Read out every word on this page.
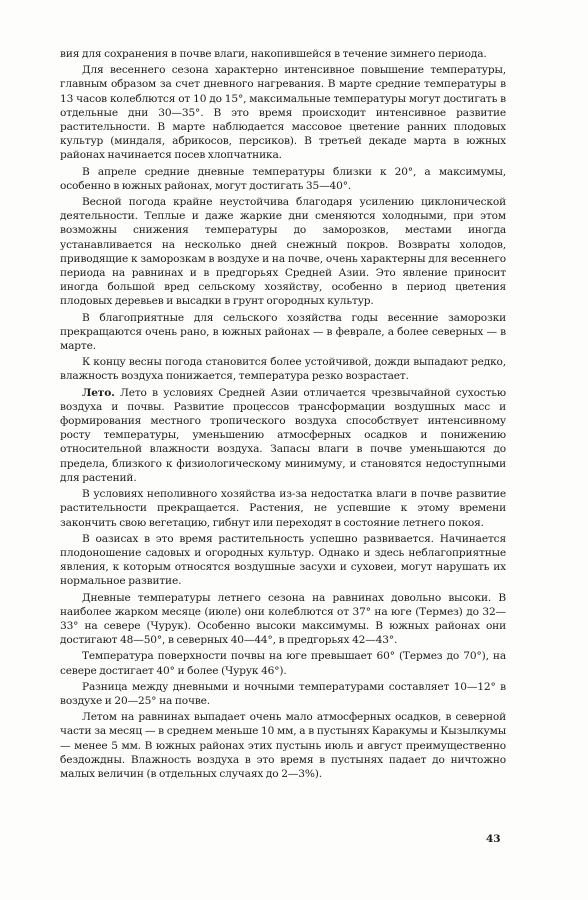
вия для сохранения в почве влаги, накопившейся в течение зимнего периода.

Для весеннего сезона характерно интенсивное повышение температуры, главным образом за счет дневного нагревания. В марте средние температуры в 13 часов колеблются от 10 до 15°, максимальные температуры могут достигать в отдельные дни 30—35°. В это время происходит интенсивное развитие растительности. В марте наблюдается массовое цветение ранних плодовых культур (миндаля, абрикосов, персиков). В третьей декаде марта в южных районах начинается посев хлопчатника.

В апреле средние дневные температуры близки к 20°, а максимумы, особенно в южных районах, могут достигать 35—40°.

Весной погода крайне неустойчива благодаря усилению циклонической деятельности. Теплые и даже жаркие дни сменяются холодными, при этом возможны снижения температуры до заморозков, местами иногда устанавливается на несколько дней снежный покров. Возвраты холодов, приводящие к заморозкам в воздухе и на почве, очень характерны для весеннего периода на равнинах и в предгорьях Средней Азии. Это явление приносит иногда большой вред сельскому хозяйству, особенно в период цветения плодовых деревьев и высадки в грунт огородных культур.

В благоприятные для сельского хозяйства годы весенние заморозки прекращаются очень рано, в южных районах — в феврале, а более северных — в марте.

К концу весны погода становится более устойчивой, дожди выпадают редко, влажность воздуха понижается, температура резко возрастает.

Лето. Лето в условиях Средней Азии отличается чрезвычайной сухостью воздуха и почвы. Развитие процессов трансформации воздушных масс и формирования местного тропического воздуха способствует интенсивному росту температуры, уменьшению атмосферных осадков и понижению относительной влажности воздуха. Запасы влаги в почве уменьшаются до предела, близкого к физиологическому минимуму, и становятся недоступными для растений.

В условиях неполивного хозяйства из-за недостатка влаги в почве развитие растительности прекращается. Растения, не успевшие к этому времени закончить свою вегетацию, гибнут или переходят в состояние летнего покоя.

В оазисах в это время растительность успешно развивается. Начинается плодоношение садовых и огородных культур. Однако и здесь неблагоприятные явления, к которым относятся воздушные засухи и суховеи, могут нарушать их нормальное развитие.

Дневные температуры летнего сезона на равнинах довольно высоки. В наиболее жарком месяце (июле) они колеблются от 37° на юге (Термез) до 32—33° на севере (Чурук). Особенно высоки максимумы. В южных районах они достигают 48—50°, в северных 40—44°, в предгорьях 42—43°.

Температура поверхности почвы на юге превышает 60° (Термез до 70°), на севере достигает 40° и более (Чурук 46°).

Разница между дневными и ночными температурами составляет 10—12° в воздухе и 20—25° на почве.

Летом на равнинах выпадает очень мало атмосферных осадков, в северной части за месяц — в среднем меньше 10 мм, а в пустынях Каракумы и Кызылкумы — менее 5 мм. В южных районах этих пустынь июль и август преимущественно бездождны. Влажность воздуха в это время в пустынях падает до ничтожно малых величин (в отдельных случаях до 2—3%).

43
